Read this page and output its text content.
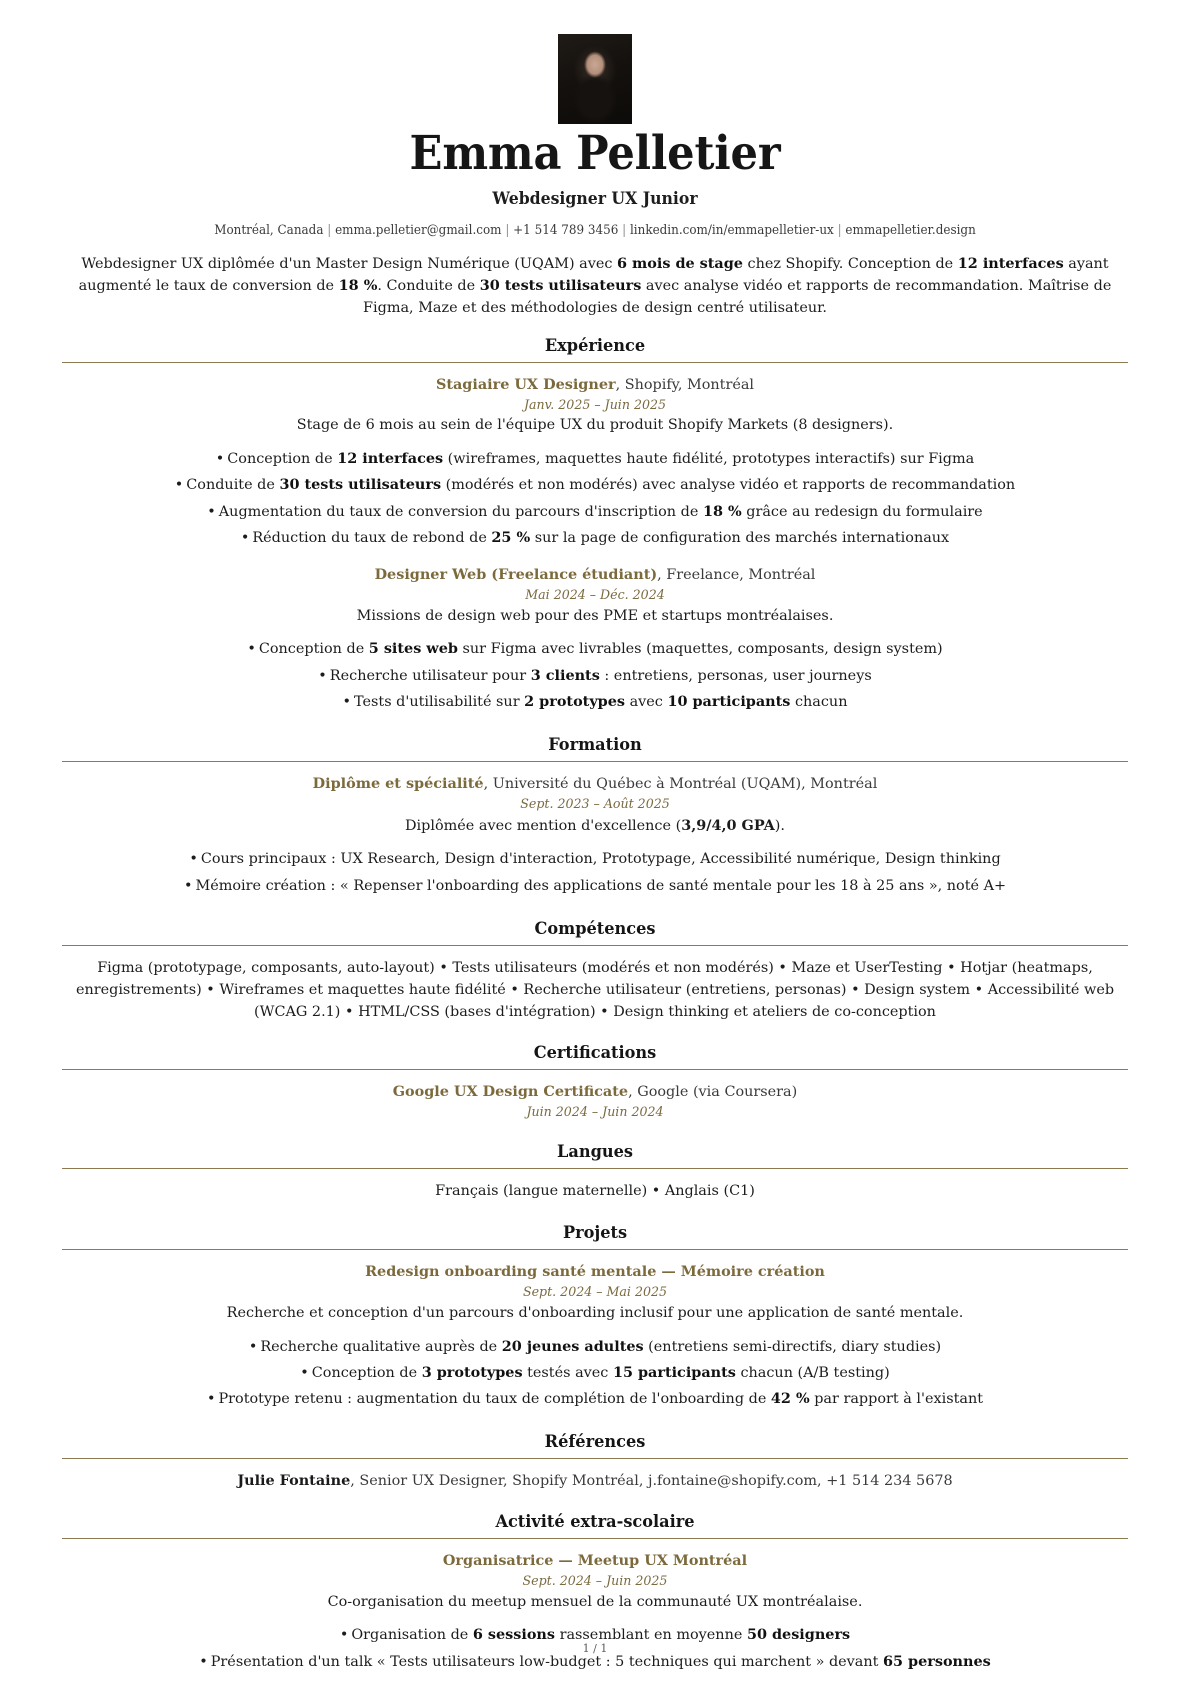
Emma Pelletier
Webdesigner UX Junior
Montréal, Canada | emma.pelletier@gmail.com | +1 514 789 3456 | linkedin.com/in/emmapelletier-ux | emmapelletier.design
Webdesigner UX diplômée d'un Master Design Numérique (UQAM) avec 6 mois de stage chez Shopify. Conception de 12 interfaces ayant augmenté le taux de conversion de 18 %. Conduite de 30 tests utilisateurs avec analyse vidéo et rapports de recommandation. Maîtrise de Figma, Maze et des méthodologies de design centré utilisateur.
Expérience
Stagiaire UX Designer, Shopify, Montréal
Janv. 2025 – Juin 2025
Stage de 6 mois au sein de l'équipe UX du produit Shopify Markets (8 designers).
• Conception de 12 interfaces (wireframes, maquettes haute fidélité, prototypes interactifs) sur Figma
• Conduite de 30 tests utilisateurs (modérés et non modérés) avec analyse vidéo et rapports de recommandation
• Augmentation du taux de conversion du parcours d'inscription de 18 % grâce au redesign du formulaire
• Réduction du taux de rebond de 25 % sur la page de configuration des marchés internationaux
Designer Web (Freelance étudiant), Freelance, Montréal
Mai 2024 – Déc. 2024
Missions de design web pour des PME et startups montréalaises.
• Conception de 5 sites web sur Figma avec livrables (maquettes, composants, design system)
• Recherche utilisateur pour 3 clients : entretiens, personas, user journeys
• Tests d'utilisabilité sur 2 prototypes avec 10 participants chacun
Formation
Diplôme et spécialité, Université du Québec à Montréal (UQAM), Montréal
Sept. 2023 – Août 2025
Diplômée avec mention d'excellence (3,9/4,0 GPA).
• Cours principaux : UX Research, Design d'interaction, Prototypage, Accessibilité numérique, Design thinking
• Mémoire création : « Repenser l'onboarding des applications de santé mentale pour les 18 à 25 ans », noté A+
Compétences
Figma (prototypage, composants, auto-layout) • Tests utilisateurs (modérés et non modérés) • Maze et UserTesting • Hotjar (heatmaps, enregistrements) • Wireframes et maquettes haute fidélité • Recherche utilisateur (entretiens, personas) • Design system • Accessibilité web (WCAG 2.1) • HTML/CSS (bases d'intégration) • Design thinking et ateliers de co-conception
Certifications
Google UX Design Certificate, Google (via Coursera)
Juin 2024 – Juin 2024
Langues
Français (langue maternelle) • Anglais (C1)
Projets
Redesign onboarding santé mentale — Mémoire création
Sept. 2024 – Mai 2025
Recherche et conception d'un parcours d'onboarding inclusif pour une application de santé mentale.
• Recherche qualitative auprès de 20 jeunes adultes (entretiens semi-directifs, diary studies)
• Conception de 3 prototypes testés avec 15 participants chacun (A/B testing)
• Prototype retenu : augmentation du taux de complétion de l'onboarding de 42 % par rapport à l'existant
Références
Julie Fontaine, Senior UX Designer, Shopify Montréal, j.fontaine@shopify.com, +1 514 234 5678
Activité extra-scolaire
Organisatrice — Meetup UX Montréal
Sept. 2024 – Juin 2025
Co-organisation du meetup mensuel de la communauté UX montréalaise.
• Organisation de 6 sessions rassemblant en moyenne 50 designers
• Présentation d'un talk « Tests utilisateurs low-budget : 5 techniques qui marchent » devant 65 personnes
1 / 1
